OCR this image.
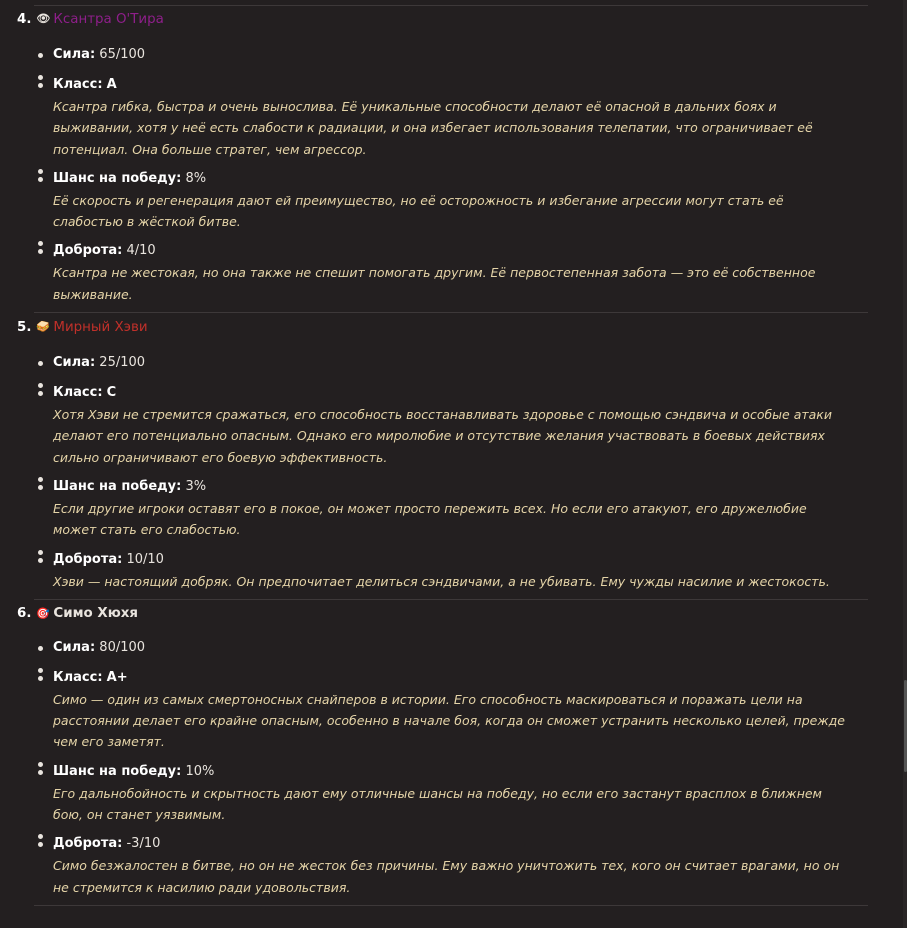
4. 👁 Ксантра О'Тира
Сила: 65/100
Класс: A
Ксантра гибка, быстра и очень вынослива. Её уникальные способности делают её опасной в дальних боях и выживании, хотя у неё есть слабости к радиации, и она избегает использования телепатии, что ограничивает её потенциал. Она больше стратег, чем агрессор.
Шанс на победу: 8%
Её скорость и регенерация дают ей преимущество, но её осторожность и избегание агрессии могут стать её слабостью в жёсткой битве.
Доброта: 4/10
Ксантра не жестокая, но она также не спешит помогать другим. Её первостепенная забота — это её собственное выживание.
5. 🥪 Мирный Хэви
Сила: 25/100
Класс: C
Хотя Хэви не стремится сражаться, его способность восстанавливать здоровье с помощью сэндвича и особые атаки делают его потенциально опасным. Однако его миролюбие и отсутствие желания участвовать в боевых действиях сильно ограничивают его боевую эффективность.
Шанс на победу: 3%
Если другие игроки оставят его в покое, он может просто пережить всех. Но если его атакуют, его дружелюбие может стать его слабостью.
Доброта: 10/10
Хэви — настоящий добряк. Он предпочитает делиться сэндвичами, а не убивать. Ему чужды насилие и жестокость.
6. 🎯 Симо Хюхя
Сила: 80/100
Класс: A+
Симо — один из самых смертоносных снайперов в истории. Его способность маскироваться и поражать цели на расстоянии делает его крайне опасным, особенно в начале боя, когда он сможет устранить несколько целей, прежде чем его заметят.
Шанс на победу: 10%
Его дальнобойность и скрытность дают ему отличные шансы на победу, но если его застанут врасплох в ближнем бою, он станет уязвимым.
Доброта: -3/10
Симо безжалостен в битве, но он не жесток без причины. Ему важно уничтожить тех, кого он считает врагами, но он не стремится к насилию ради удовольствия.
